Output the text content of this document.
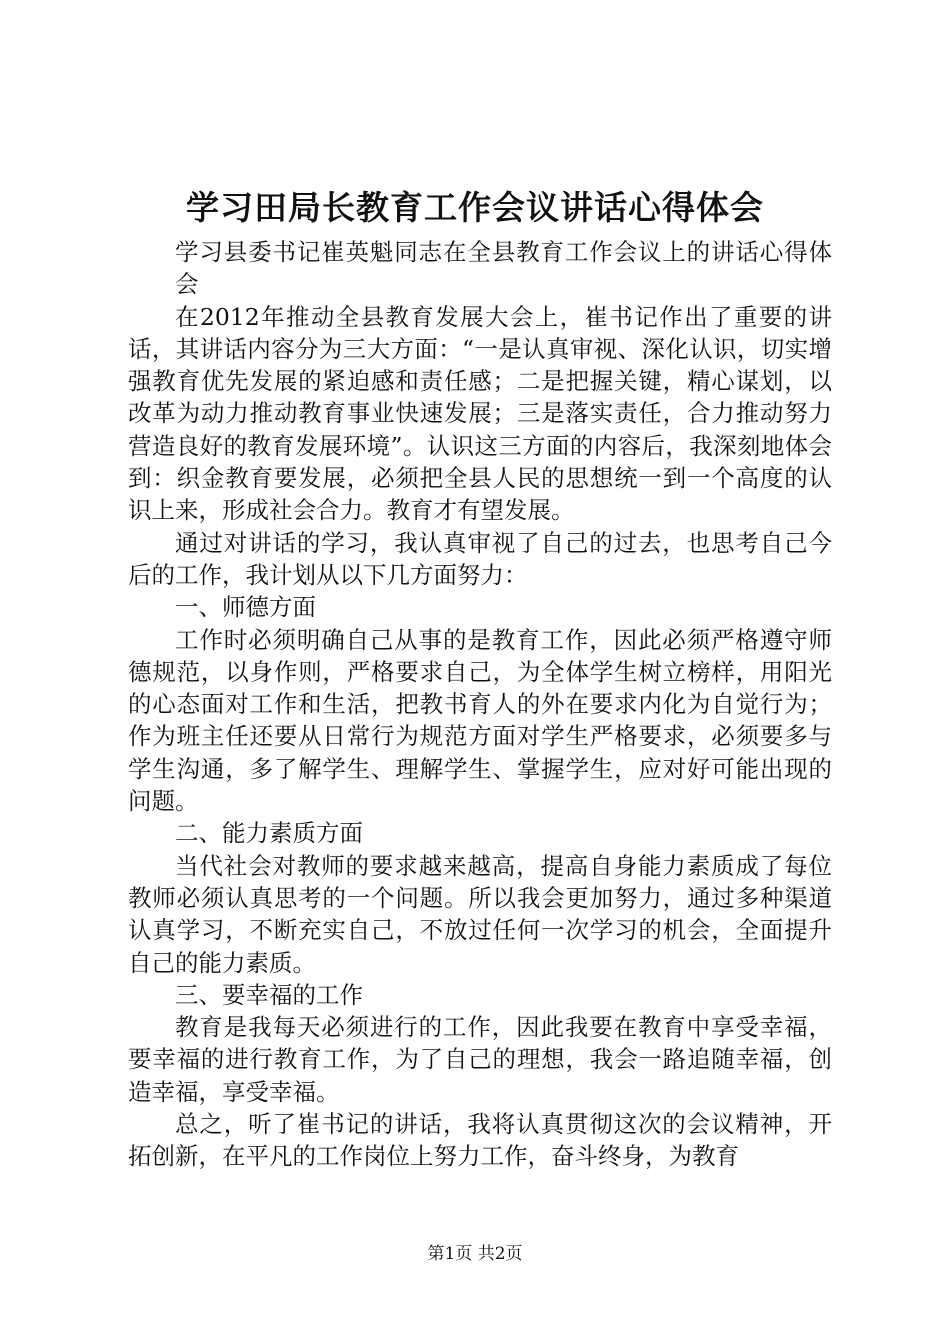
学习田局长教育工作会议讲话心得体会

学习县委书记崔英魁同志在全县教育工作会议上的讲话心得体会

在2012年推动全县教育发展大会上，崔书记作出了重要的讲话，其讲话内容分为三大方面：“一是认真审视、深化认识，切实增强教育优先发展的紧迫感和责任感；二是把握关键，精心谋划，以改革为动力推动教育事业快速发展；三是落实责任，合力推动努力营造良好的教育发展环境”。认识这三方面的内容后，我深刻地体会到：织金教育要发展，必须把全县人民的思想统一到一个高度的认识上来，形成社会合力。教育才有望发展。

通过对讲话的学习，我认真审视了自己的过去，也思考自己今后的工作，我计划从以下几方面努力：

一、师德方面

工作时必须明确自己从事的是教育工作，因此必须严格遵守师德规范，以身作则，严格要求自己，为全体学生树立榜样，用阳光的心态面对工作和生活，把教书育人的外在要求内化为自觉行为；作为班主任还要从日常行为规范方面对学生严格要求，必须要多与学生沟通，多了解学生、理解学生、掌握学生，应对好可能出现的问题。

二、能力素质方面

当代社会对教师的要求越来越高，提高自身能力素质成了每位教师必须认真思考的一个问题。所以我会更加努力，通过多种渠道认真学习，不断充实自己，不放过任何一次学习的机会，全面提升自己的能力素质。

三、要幸福的工作

教育是我每天必须进行的工作，因此我要在教育中享受幸福，要幸福的进行教育工作，为了自己的理想，我会一路追随幸福，创造幸福，享受幸福。

总之，听了崔书记的讲话，我将认真贯彻这次的会议精神，开拓创新，在平凡的工作岗位上努力工作，奋斗终身，为教育

第1页 共2页
